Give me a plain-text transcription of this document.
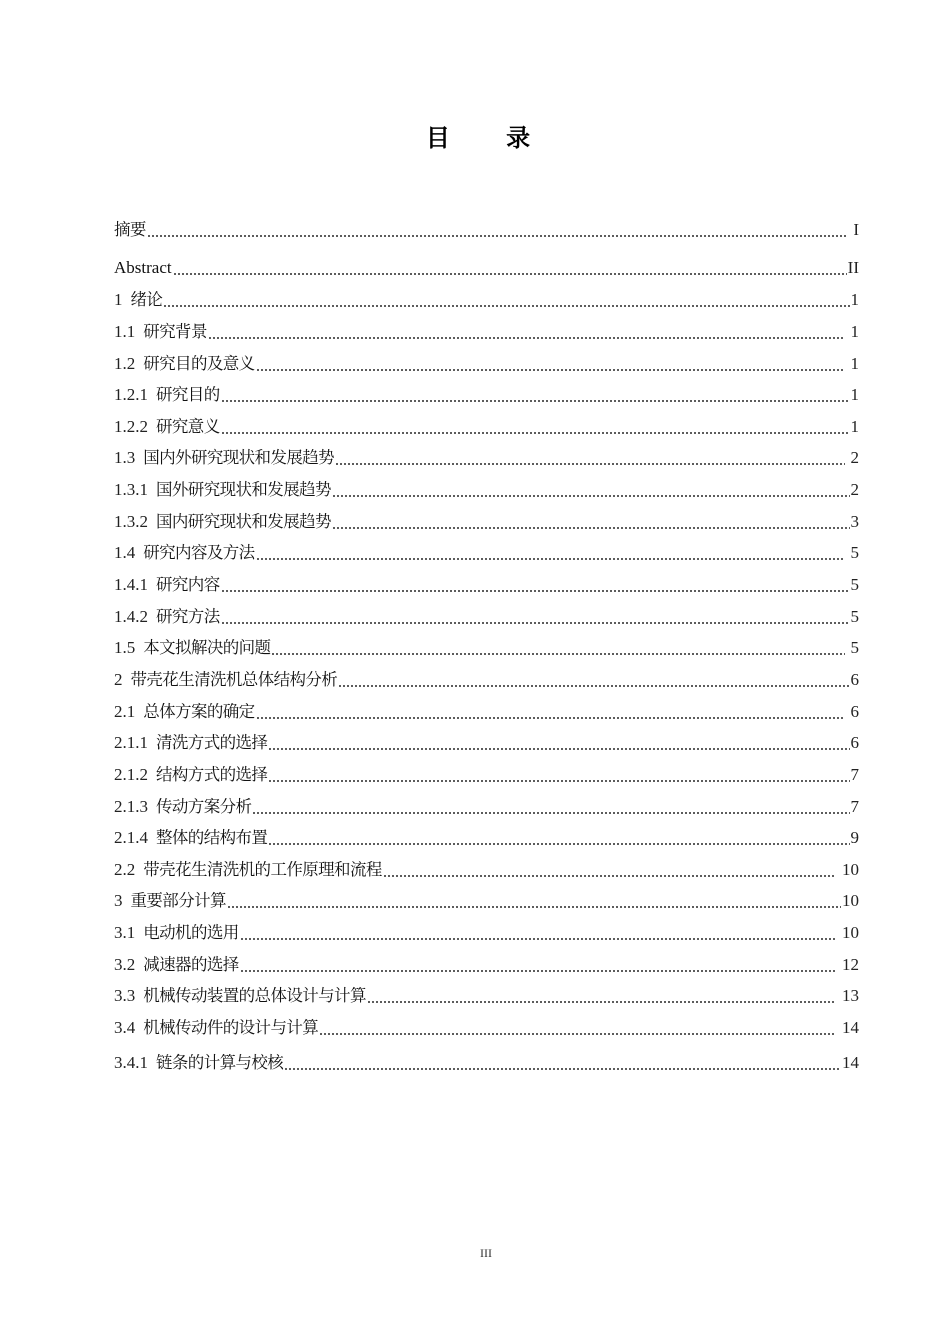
目 录
摘要	I
Abstract	II
1 绪论	1
1.1 研究背景	1
1.2 研究目的及意义	1
1.2.1 研究目的	1
1.2.2 研究意义	1
1.3 国内外研究现状和发展趋势	2
1.3.1 国外研究现状和发展趋势	2
1.3.2 国内研究现状和发展趋势	3
1.4 研究内容及方法	5
1.4.1 研究内容	5
1.4.2 研究方法	5
1.5 本文拟解决的问题	5
2 带壳花生清洗机总体结构分析	6
2.1 总体方案的确定	6
2.1.1 清洗方式的选择	6
2.1.2 结构方式的选择	7
2.1.3 传动方案分析	7
2.1.4 整体的结构布置	9
2.2 带壳花生清洗机的工作原理和流程	10
3 重要部分计算	10
3.1 电动机的选用	10
3.2 减速器的选择	12
3.3 机械传动装置的总体设计与计算	13
3.4 机械传动件的设计与计算	14
3.4.1 链条的计算与校核	14
III
